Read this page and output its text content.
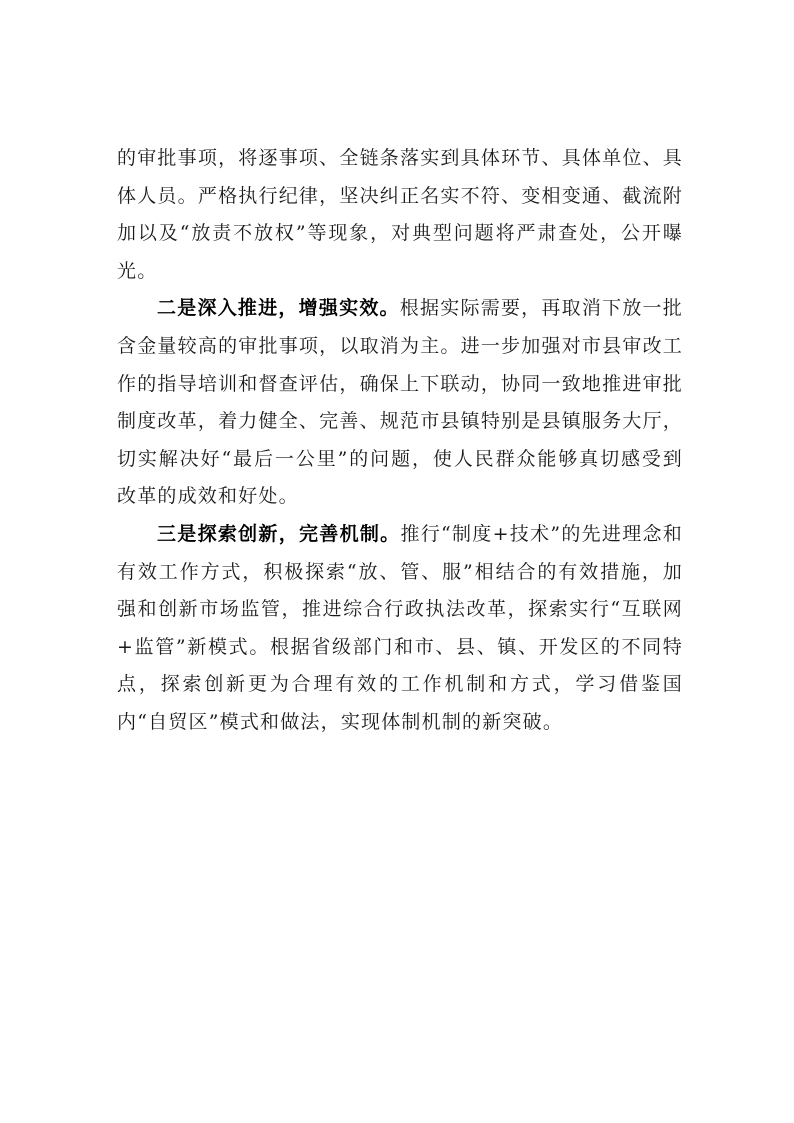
的审批事项，将逐事项、全链条落实到具体环节、具体单位、具体人员。严格执行纪律，坚决纠正名实不符、变相变通、截流附加以及“放责不放权”等现象，对典型问题将严肃查处，公开曝光。

二是深入推进，增强实效。根据实际需要，再取消下放一批含金量较高的审批事项，以取消为主。进一步加强对市县审改工作的指导培训和督查评估，确保上下联动，协同一致地推进审批制度改革，着力健全、完善、规范市县镇特别是县镇服务大厅，切实解决好“最后一公里”的问题，使人民群众能够真切感受到改革的成效和好处。

三是探索创新，完善机制。推行“制度+技术”的先进理念和有效工作方式，积极探索“放、管、服”相结合的有效措施，加强和创新市场监管，推进综合行政执法改革，探索实行“互联网+监管”新模式。根据省级部门和市、县、镇、开发区的不同特点，探索创新更为合理有效的工作机制和方式，学习借鉴国内“自贸区”模式和做法，实现体制机制的新突破。
